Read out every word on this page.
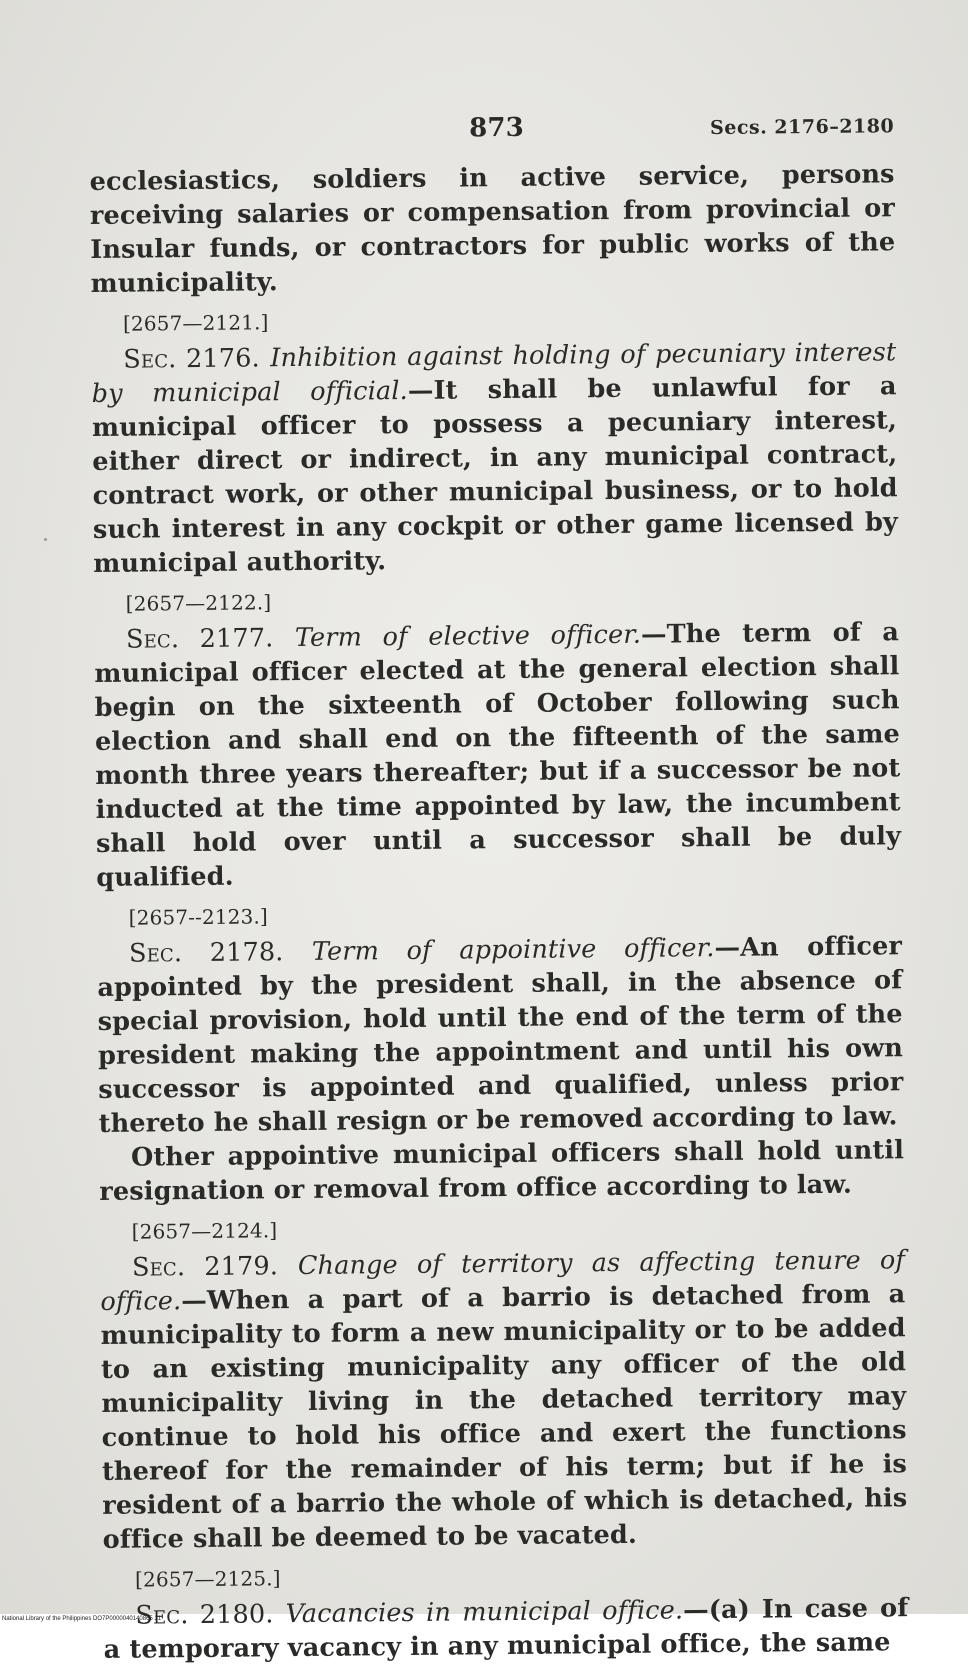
873	Secs. 2176–2180

ecclesiastics, soldiers in active service, persons receiving salaries or compensation from provincial or Insular funds, or contractors for public works of the municipality.

[2657—2121.]

Sec. 2176. Inhibition against holding of pecuniary interest by municipal official.—It shall be unlawful for a municipal officer to possess a pecuniary interest, either direct or indirect, in any municipal contract, contract work, or other municipal business, or to hold such interest in any cockpit or other game licensed by municipal authority.

[2657—2122.]

Sec. 2177. Term of elective officer.—The term of a municipal officer elected at the general election shall begin on the sixteenth of October following such election and shall end on the fifteenth of the same month three years thereafter; but if a successor be not inducted at the time appointed by law, the incumbent shall hold over until a successor shall be duly qualified.

[2657--2123.]

Sec. 2178. Term of appointive officer.—An officer appointed by the president shall, in the absence of special provision, hold until the end of the term of the president making the appointment and until his own successor is appointed and qualified, unless prior thereto he shall resign or be removed according to law.

Other appointive municipal officers shall hold until resignation or removal from office according to law.

[2657—2124.]

Sec. 2179. Change of territory as affecting tenure of office.—When a part of a barrio is detached from a municipality to form a new municipality or to be added to an existing municipality any officer of the old municipality living in the detached territory may continue to hold his office and exert the functions thereof for the remainder of his term; but if he is resident of a barrio the whole of which is detached, his office shall be deemed to be vacated.

[2657—2125.]

Sec. 2180. Vacancies in municipal office.—(a) In case of a temporary vacancy in any municipal office, the same

National Library of the Philippines DO7P0000040140865 31
